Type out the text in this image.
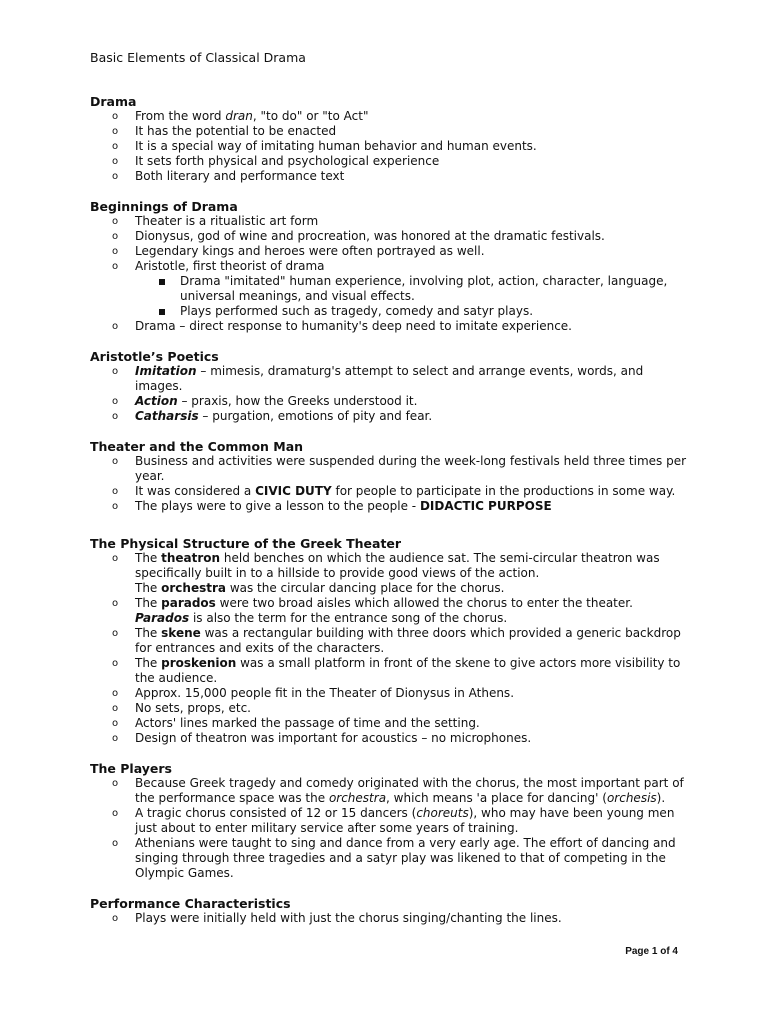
Basic Elements of Classical Drama
Drama
o From the word dran, "to do" or "to Act"
o It has the potential to be enacted
o It is a special way of imitating human behavior and human events.
o It sets forth physical and psychological experience
o Both literary and performance text
Beginnings of Drama
o Theater is a ritualistic art form
o Dionysus, god of wine and procreation, was honored at the dramatic festivals.
o Legendary kings and heroes were often portrayed as well.
o Aristotle, first theorist of drama
Drama "imitated" human experience, involving plot, action, character, language, universal meanings, and visual effects.
Plays performed such as tragedy, comedy and satyr plays.
o Drama – direct response to humanity's deep need to imitate experience.
Aristotle’s Poetics
o Imitation – mimesis, dramaturg's attempt to select and arrange events, words, and images.
o Action – praxis, how the Greeks understood it.
o Catharsis – purgation, emotions of pity and fear.
Theater and the Common Man
o Business and activities were suspended during the week-long festivals held three times per year.
o It was considered a CIVIC DUTY for people to participate in the productions in some way.
o The plays were to give a lesson to the people - DIDACTIC PURPOSE
The Physical Structure of the Greek Theater
o The theatron held benches on which the audience sat. The semi-circular theatron was specifically built in to a hillside to provide good views of the action.
The orchestra was the circular dancing place for the chorus.
o The parados were two broad aisles which allowed the chorus to enter the theater.
Parados is also the term for the entrance song of the chorus.
o The skene was a rectangular building with three doors which provided a generic backdrop for entrances and exits of the characters.
o The proskenion was a small platform in front of the skene to give actors more visibility to the audience.
o Approx. 15,000 people fit in the Theater of Dionysus in Athens.
o No sets, props, etc.
o Actors' lines marked the passage of time and the setting.
o Design of theatron was important for acoustics – no microphones.
The Players
o Because Greek tragedy and comedy originated with the chorus, the most important part of the performance space was the orchestra, which means 'a place for dancing' (orchesis).
o A tragic chorus consisted of 12 or 15 dancers (choreuts), who may have been young men just about to enter military service after some years of training.
o Athenians were taught to sing and dance from a very early age. The effort of dancing and singing through three tragedies and a satyr play was likened to that of competing in the Olympic Games.
Performance Characteristics
o Plays were initially held with just the chorus singing/chanting the lines.
Page 1 of 4
